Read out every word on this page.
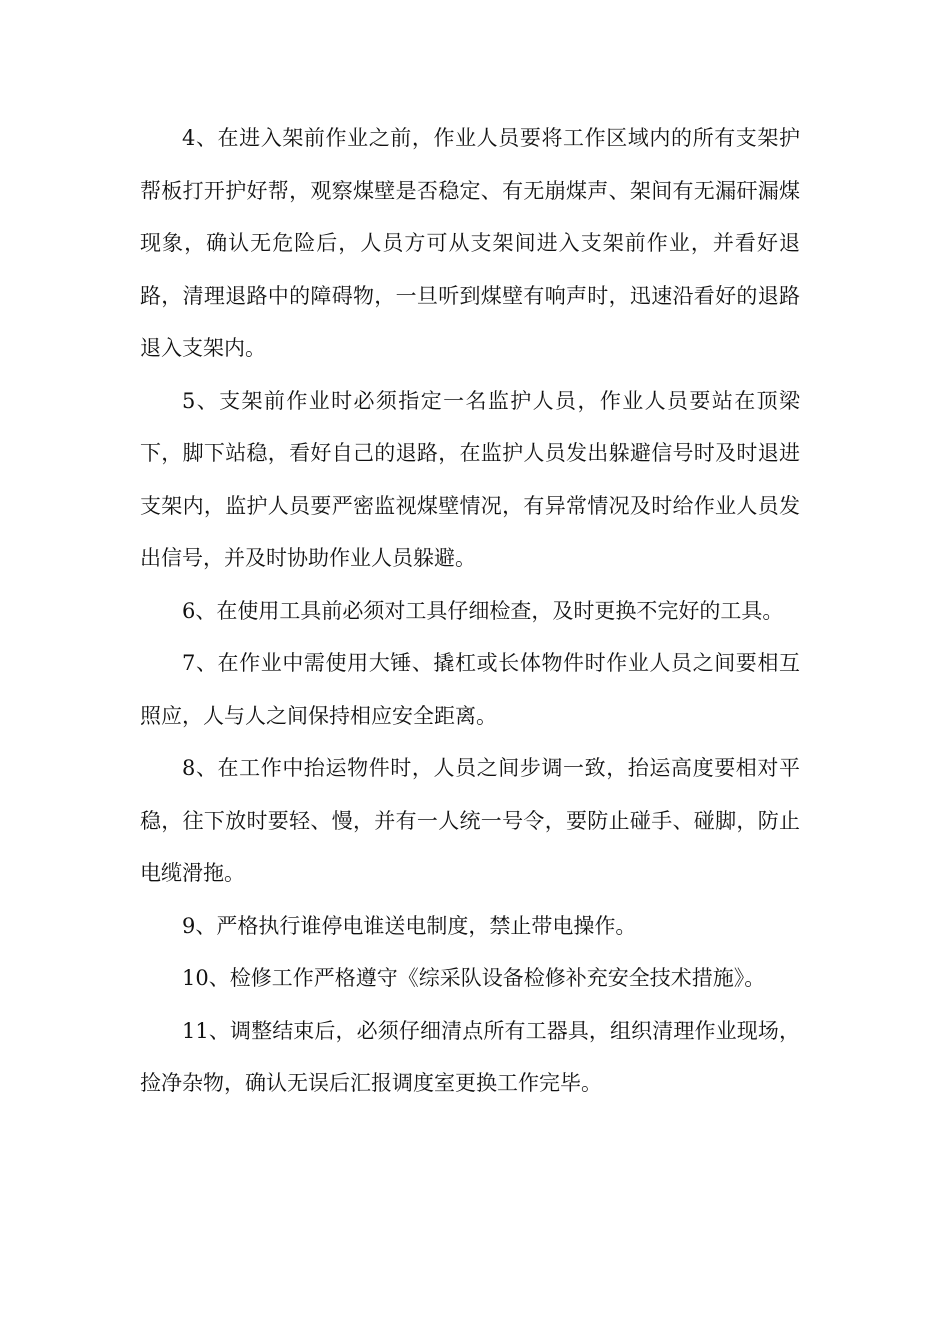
4、在进入架前作业之前，作业人员要将工作区域内的所有支架护帮板打开护好帮，观察煤壁是否稳定、有无崩煤声、架间有无漏矸漏煤现象，确认无危险后，人员方可从支架间进入支架前作业，并看好退路，清理退路中的障碍物，一旦听到煤壁有响声时，迅速沿看好的退路退入支架内。

5、支架前作业时必须指定一名监护人员，作业人员要站在顶梁下，脚下站稳，看好自己的退路，在监护人员发出躲避信号时及时退进支架内，监护人员要严密监视煤壁情况，有异常情况及时给作业人员发出信号，并及时协助作业人员躲避。

6、在使用工具前必须对工具仔细检查，及时更换不完好的工具。

7、在作业中需使用大锤、撬杠或长体物件时作业人员之间要相互照应，人与人之间保持相应安全距离。

8、在工作中抬运物件时，人员之间步调一致，抬运高度要相对平稳，往下放时要轻、慢，并有一人统一号令，要防止碰手、碰脚，防止电缆滑拖。

9、严格执行谁停电谁送电制度，禁止带电操作。

10、检修工作严格遵守《综采队设备检修补充安全技术措施》。

11、调整结束后，必须仔细清点所有工器具，组织清理作业现场，捡净杂物，确认无误后汇报调度室更换工作完毕。
